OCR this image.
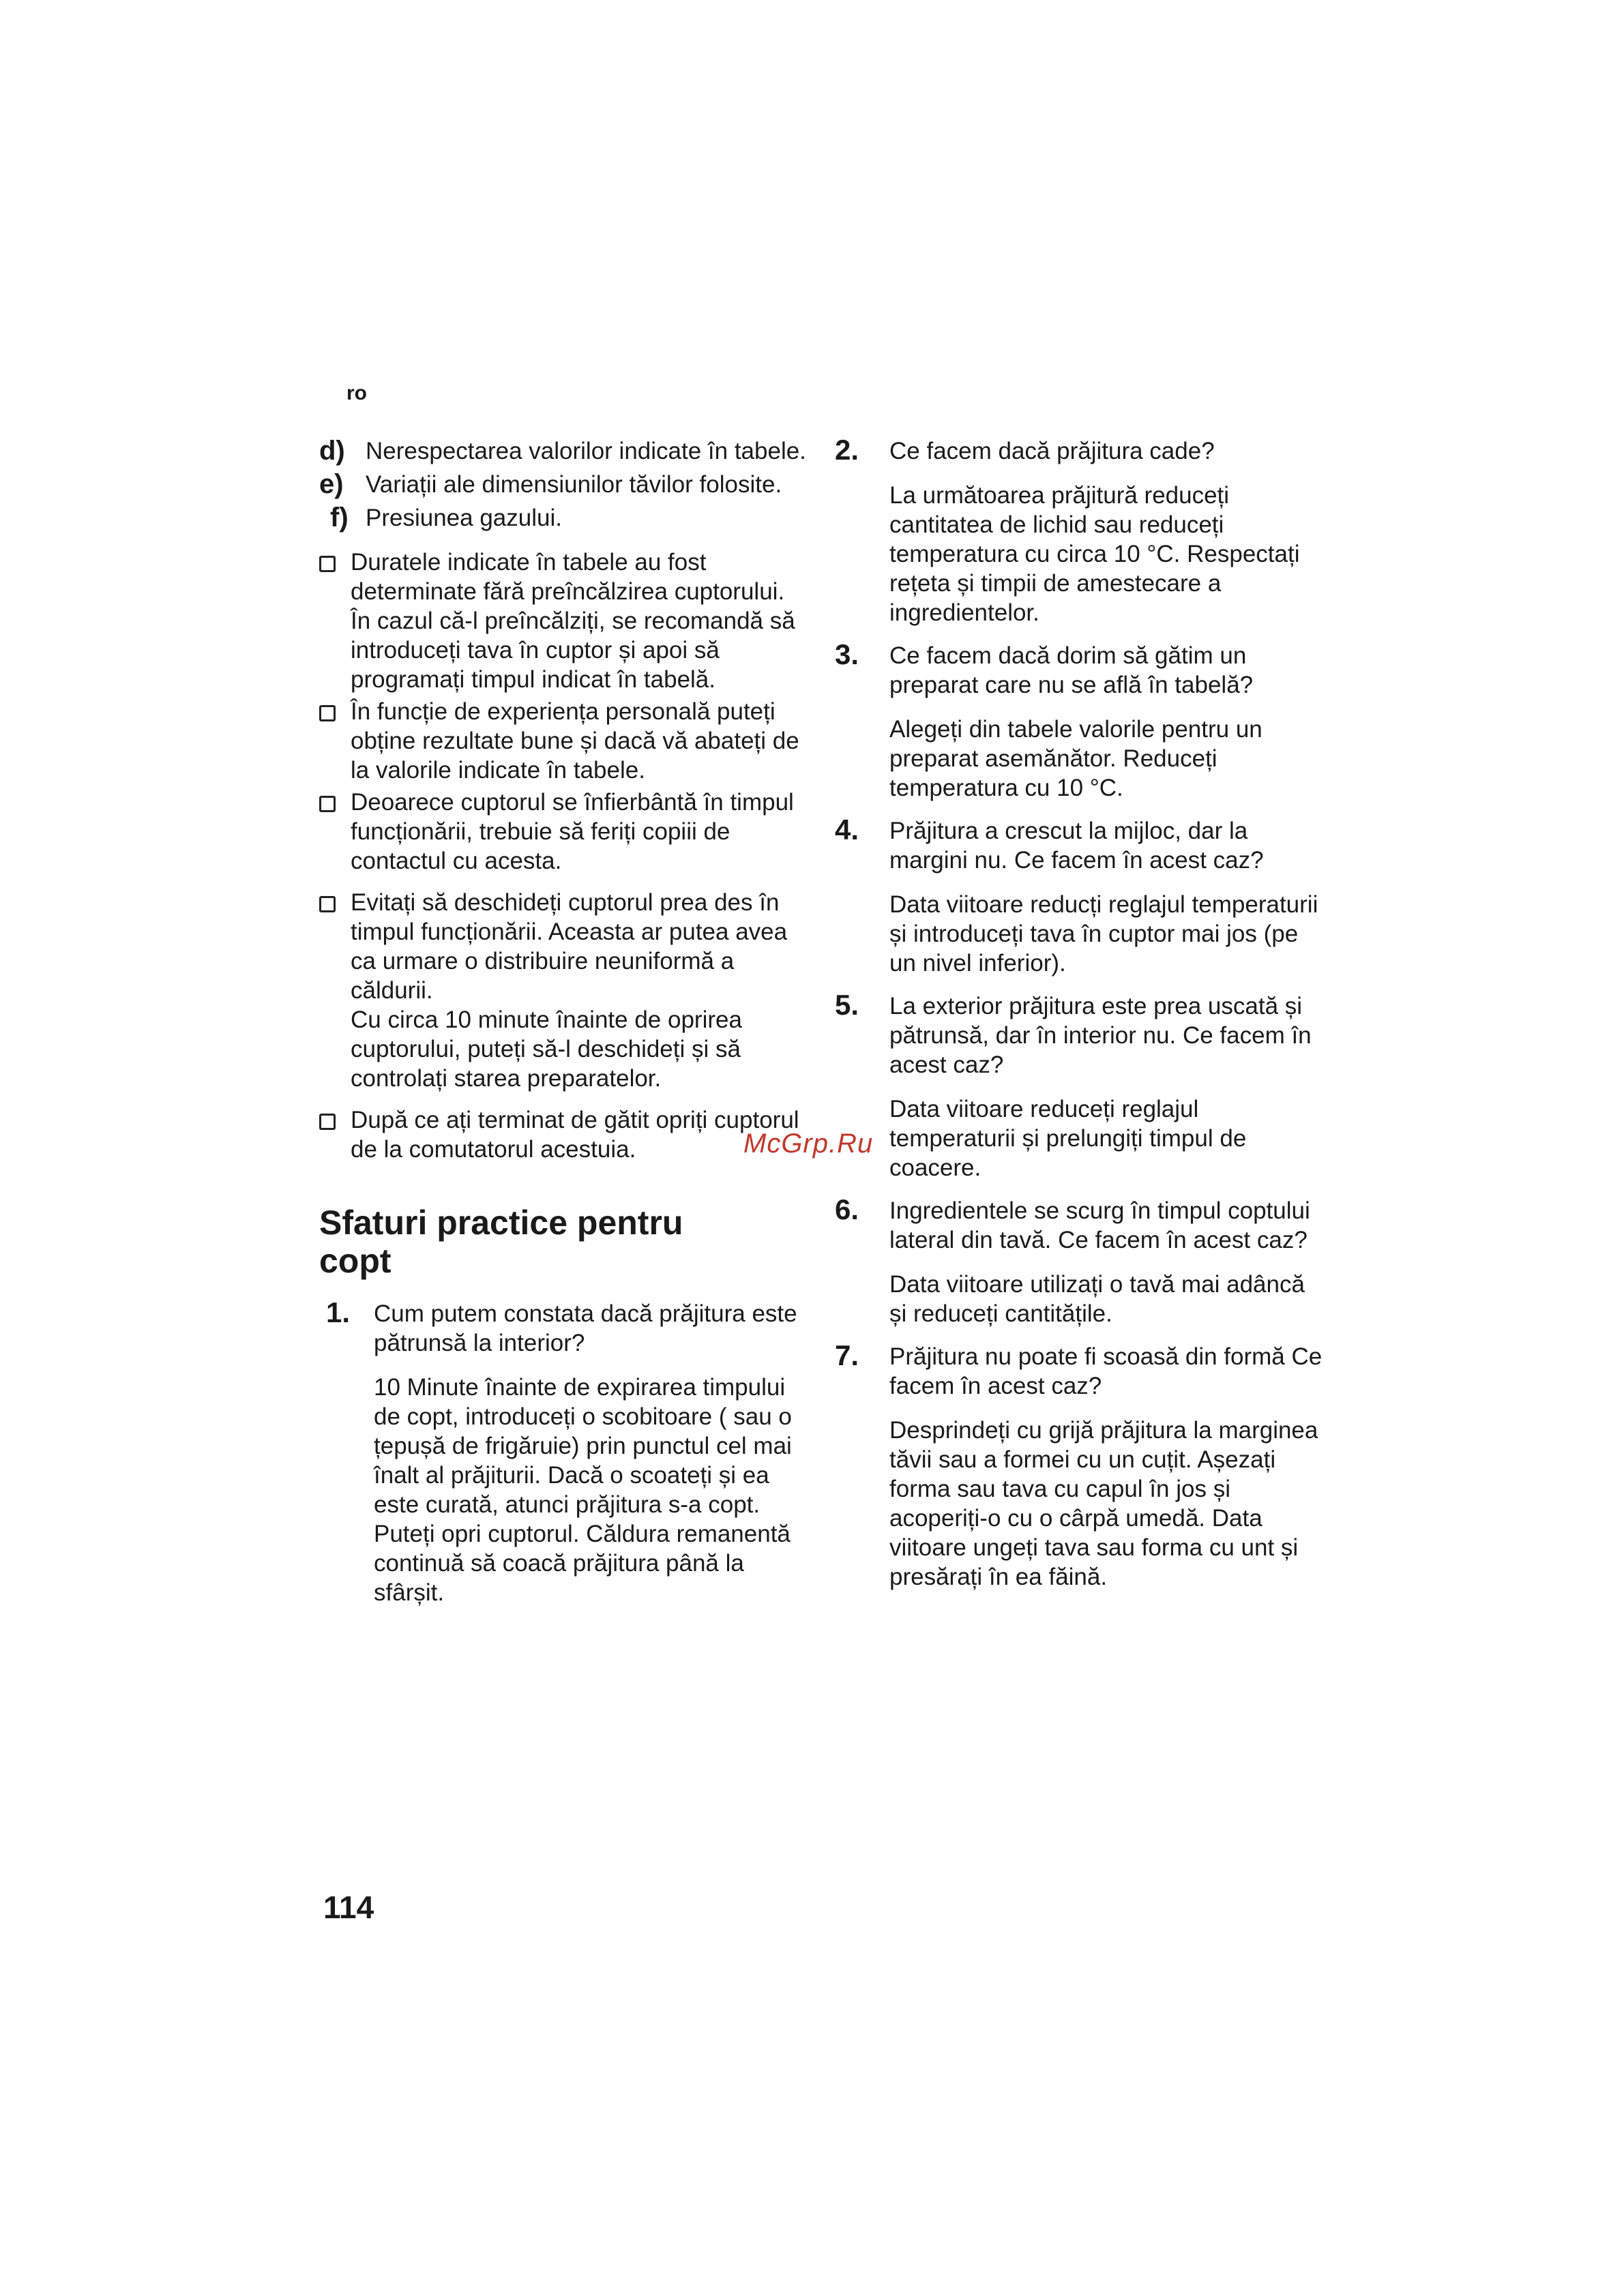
ro
d) Nerespectarea valorilor indicate în tabele.
e) Variații ale dimensiunilor tăvilor folosite.
f) Presiunea gazului.
Duratele indicate în tabele au fost determinate fără preîncălzirea cuptorului. În cazul că-l preîncălziți, se recomandă să introduceți tava în cuptor și apoi să programați timpul indicat în tabelă.
În funcție de experiența personală puteți obține rezultate bune și dacă vă abateți de la valorile indicate în tabele.
Deoarece cuptorul se înfierbântă în timpul funcționării, trebuie să feriți copiii de contactul cu acesta.
Evitați să deschideți cuptorul prea des în timpul funcționării. Aceasta ar putea avea ca urmare o distribuire neuniformă a căldurii.
Cu circa 10 minute înainte de oprirea cuptorului, puteți să-l deschideți și să controlați starea preparatelor.
După ce ați terminat de gătit opriți cuptorul de la comutatorul acestuia.
Sfaturi practice pentru copt
1. Cum putem constata dacă prăjitura este pătrunsă la interior?
10 Minute înainte de expirarea timpului de copt, introduceți o scobitoare ( sau o țepușă de frigăruie) prin punctul cel mai înalt al prăjiturii. Dacă o scoateți și ea este curată, atunci prăjitura s-a copt. Puteți opri cuptorul. Căldura remanentă continuă să coacă prăjitura până la sfârșit.
2. Ce facem dacă prăjitura cade?
La următoarea prăjitură reduceți cantitatea de lichid sau reduceți temperatura cu circa 10 °C. Respectați rețeta și timpii de amestecare a ingredientelor.
3. Ce facem dacă dorim să gătim un preparat care nu se află în tabelă?
Alegeți din tabele valorile pentru un preparat asemănător. Reduceți temperatura cu 10 °C.
4. Prăjitura a crescut la mijloc, dar la margini nu. Ce facem în acest caz?
Data viitoare reducți reglajul temperaturii și introduceți tava în cuptor mai jos (pe un nivel inferior).
5. La exterior prăjitura este prea uscată și pătrunsă, dar în interior nu. Ce facem în acest caz?
Data viitoare reduceți reglajul temperaturii și prelungiți timpul de coacere.
6. Ingredientele se scurg în timpul coptului lateral din tavă. Ce facem în acest caz?
Data viitoare utilizați o tavă mai adâncă și reduceți cantitățile.
7. Prăjitura nu poate fi scoasă din formă Ce facem în acest caz?
Desprindeți cu grijă prăjitura la marginea tăvii sau a formei cu un cuțit. Așezați forma sau tava cu capul în jos și acoperiți-o cu o cârpă umedă. Data viitoare ungeți tava sau forma cu unt și presărați în ea făină.
McGrp.Ru
114
